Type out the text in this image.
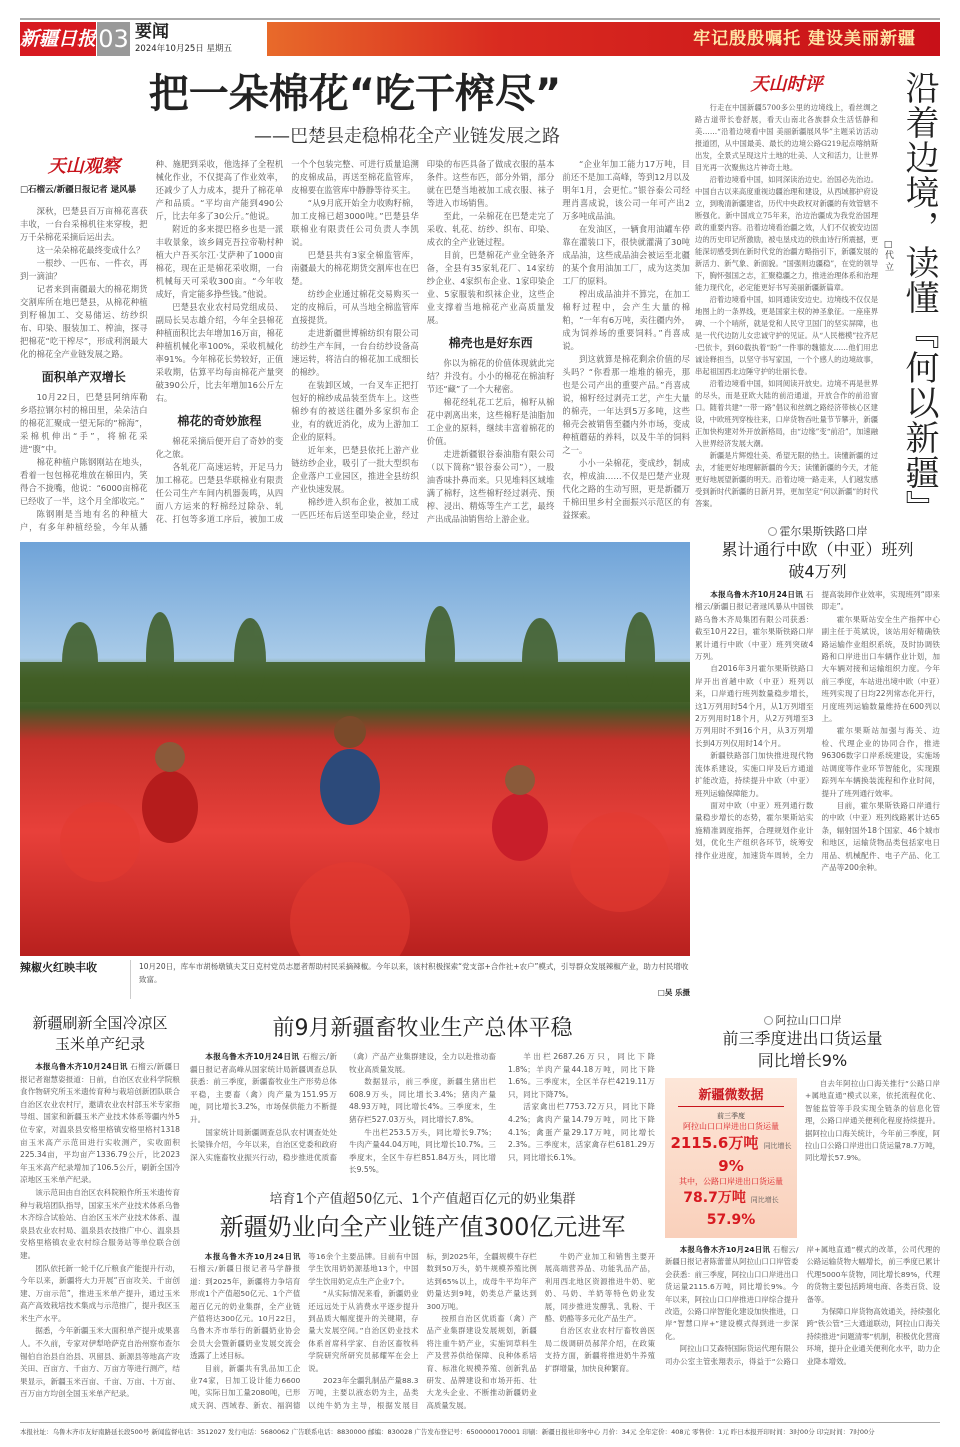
新疆日报 03 要闻
2024年10月25日 星期五	牢记殷殷嘱托 建设美丽新疆
把一朵棉花“吃干榨尽”
——巴楚县走稳棉花全产业链发展之路
天山观察
□石榴云/新疆日报记者 逯风暴

深秋，巴楚县百万亩棉花喜获丰收，一台台采棉机往来穿梭，把万千朵棉花采摘后运出去。

这一朵朵棉花最终变成什么？

一根纱、一匹布、一件衣，再到一滴油？

记者来到南疆最大的棉花期货交割库所在地巴楚县，从棉花种植到籽棉加工、交易储运、纺纱织布、印染、服装加工、榨油，探寻把棉花“吃干榨尽”，形成利润最大化的棉花全产业链发展之路。

面积单产双增长

10月22日，巴楚县阿纳库勒乡塔拉钢尔村的棉田里，朵朵洁白的棉花汇聚成一望无际的“棉海”，采棉机伸出“手”，将棉花采进“腹”中。

棉花种植户陈钢刚站在地头，看着一包包棉花堆放在棉田内，笑得合不拢嘴，他说：“6000亩棉花已经收了一半，这个月全部收完。”

陈钢刚是当地有名的种植大户，有多年种植经验，今年从播种、施肥到采收，他选择了全程机械化作业，不仅提高了作业效率，还减少了人力成本，提升了棉花单产和品质。“平均亩产能到490公斤，比去年多了30公斤。”他说。

附近的多来提巴格乡也是一派丰收景象，该乡阔克吾拉帝勒村种植大户吾买尔江·艾萨种了1000亩棉花，现在正是棉花采收期，一台机械每天可采收300亩。“今年收成好，肯定能多挣些钱。”他说。

巴楚县农业农村局党组成员、副局长吴志雄介绍，今年全县棉花种植面积比去年增加16万亩，棉花种植机械化率100%，采收机械化率91%。今年棉花长势较好，正值采收期，估算平均每亩棉花产量突破390公斤，比去年增加16公斤左右。

棉花的奇妙旅程

棉花采摘后便开启了奇妙的变化之旅。

各轧花厂高速运转，开足马力加工棉花。巴楚县华联棉业有限责任公司生产车间内机器轰鸣，从四面八方运来的籽棉经过除杂、轧花、打包等多道工序后，被加工成一个个包装完整、可进行质量追溯的皮棉成品，再送至棉花监管库，皮棉要在监管库中静静等待买主。

“从9月底开始全力收购籽棉，加工皮棉已超3000吨。”巴楚县华联棉业有限责任公司负责人李凯说。

巴楚县共有3家全棉监管库，南疆最大的棉花期货交割库也在巴楚。

纺纱企业通过棉花交易购买一定的皮棉后，可从当地全棉监管库直接提货。

走进新疆世博棉纺织有限公司纺纱生产车间，一台台纺纱设备高速运转，将洁白的棉花加工成细长的棉纱。

在装卸区域，一台叉车正把打包好的棉纱成品装至货车上。这些棉纱有的被送往疆外多家织布企业，有的就近消化，成为上游加工企业的原料。

近年来，巴楚县依托上游产业链纺纱企业，吸引了一批大型织布企业落户工业园区，推进全县纺织产业快速发展。

棉纱进入织布企业，被加工成一匹匹坯布后送至印染企业，经过印染的布匹具备了做成衣服的基本条件。这些布匹，部分外销，部分就在巴楚当地被加工成衣服、袜子等进入市场销售。

至此，一朵棉花在巴楚走完了采收、轧花、纺纱、织布、印染、成衣的全产业链过程。

目前，巴楚棉花产业全链条齐备，全县有35家轧花厂、14家纺纱企业、4家织布企业、1家印染企业、5家服装和织袜企业，这些企业支撑着当地棉花产业高质量发展。

棉壳也是好东西

你以为棉花的价值体现就此完结？并没有。小小的棉花在棉油籽节还“藏”了一个大秘密。

棉花经轧花工艺后，棉籽从棉花中剥离出来，这些棉籽是油脂加工企业的原料，继续丰富着棉花的价值。

走进新疆银谷泰油脂有限公司（以下简称“银谷泰公司”），一股油香味扑鼻而来。只见堆料区域堆满了棉籽，这些棉籽经过剥壳、预榨、浸出、精炼等生产工艺，最终产出成品油销售给上游企业。

“企业年加工能力17万吨，目前还不是加工高峰，等到12月以及明年1月，会更忙。”银谷泰公司经理肖喜成说，该公司一年可产出2万多吨成品油。

在发油区，一辆食用油罐车停靠在灌装口下，很快就灌满了30吨成品油，这些成品油会被运至北疆的某个食用油加工厂，成为这类加工厂的原料。

榨出成品油并不算完，在加工棉籽过程中，会产生大量的棉粕，“一年有6万吨，卖往疆内外，成为饲养场的重要饲料。”肖喜成说。

到这就算是棉花剩余价值的尽头吗？“你看那一堆堆的棉壳，那也是公司产出的重要产品。”肖喜成说，棉籽经过剥壳工艺，产生大量的棉壳，一年达到5万多吨，这些棉壳会被销售至疆内外市场，变成种植蘑菇的养料，以及牛羊的饲料之一。

小小一朵棉花，变成纱，制成衣，榨成油……不仅是巴楚产业现代化之路的生动写照，更是新疆万千棉田里乡村全面振兴示范区的有益探索。

辣椒火红映丰收	10月20日，库车市胡杨墩镇夫艾日克村党员志愿者帮助村民采摘辣椒。今年以来，该村积极探索“党支部+合作社+农户”模式，引导群众发展辣椒产业，助力村民增收致富。
□吴 乐摄
天山时评

行走在中国新疆5700多公里的边境线上，看丝绸之路古道带长卷舒展，看天山南北各族群众生活恬静和美……“沿着边境看中国 美丽新疆展风华”主题采访活动报道团，从中国最美、最长的边境公路G219起点喀纳斯出发，全景式呈现这片土地的壮美、人文和活力，让世界目光再一次聚焦这片神奇土地。

沿着边境看中国，如同深读治边史。治国必先治边。中国自古以来高度重视边疆治理和建设，从西域都护府设立，到晚清新疆建省，历代中央政权对新疆的有效管辖不断强化。新中国成立75年来，治边治疆成为我党治国理政的重要内容。沿着边境看治疆之效，人们不仅被安边固边的历史印记所激励，被屯垦戍边的铁血诗行所震撼，更能深切感受到在新时代党的治疆方略指引下，新疆发展的新活力、新气象、新面貌。“国强则边疆稳”，在党的领导下，胸怀强国之志，汇聚稳疆之力，推进治理体系和治理能力现代化，必定能更好书写美丽新疆新篇章。

沿着边境看中国，如同通读安边史。边境线不仅仅是地图上的一条界线，更是国家主权的神圣象征。一座座界碑、一个个哨所，就是党和人民守卫国门的坚实屏障，也是一代代边防儿女忠诚守护的见证。从“人民楷模”拉齐尼·巴依卡，到60载执着“盼”一件事的魏德友……他们用忠诚诠释担当，以坚守书写家国，一个个感人的边境故事，串起祖国西北边陲守护的壮丽长卷。

沿着边境看中国，如同阅读开放史。边境不再是世界的尽头，而是亚欧大陆的前沿通道，开放合作的前沿窗口。随着共建“一带一路”倡议和丝绸之路经济带核心区建设，中欧班列穿梭往来，口岸货物吞吐量节节攀升，新疆正加快构建对外开放新格局，由“边缘”变“前沿”，加速融入世界经济发展大潮。

新疆是片辉煌壮美、希望无限的热土。读懂新疆的过去，才能更好地理解新疆的今天；读懂新疆的今天，才能更好地展望新疆的明天。沿着边境一路走来，人们越发感受到新时代新疆的日新月异，更加坚定“何以新疆”的时代答案。

□代 立 沿着边境，读懂『何以新疆』
霍尔果斯铁路口岸
累计通行中欧（中亚）班列
破4万列

本报乌鲁木齐10月24日讯 石榴云/新疆日报记者逯风暴从中国铁路乌鲁木齐局集团有限公司获悉：截至10月22日，霍尔果斯铁路口岸累计通行中欧（中亚）班列突破4万列。

自2016年3月霍尔果斯铁路口岸开出首趟中欧（中亚）班列以来，口岸通行班列数量稳步增长，这1万列用时54个月，从1万列增至2万列用时18个月，从2万列增至3万列用时不到16个月，从3万列增长到4万列仅用时14个月。

新疆铁路部门加快推进现代物流体系建设，实施口岸及后方通道扩能改造，持续提升中欧（中亚）班列运输保障能力。

面对中欧（中亚）班列通行数量稳步增长的态势，霍尔果斯站实施精准调度指挥，合理规划作业计划，优化生产组织各环节，统筹安排作业进度，加速货车周转，全力提高装卸作业效率，实现班列“即来即走”。

霍尔果斯站安全生产指挥中心副主任于英斌说，该站用好精确铁路运输作业组织系统，及时协调铁路和口岸进出口车辆作业计划，加大车辆对接和运输组织力度。今年前三季度，车站进出境中欧（中亚）班列实现了日均22列常态化开行，月度班列运输数量维持在600列以上。

霍尔果斯站加强与海关、边检、代理企业的协同合作，推进96306数字口岸系统建设，实施场站调度等作业环节智能化，实现跟踪列车车辆换装流程和作业时间，提升了班列通行效率。

目前，霍尔果斯铁路口岸通行的中欧（中亚）班列线路累计达65条，辐射国外18个国家、46个城市和地区，运输货物品类包括家电日用品、机械配件、电子产品、化工产品等200余种。

新疆刷新全国冷凉区
玉米单产纪录

本报乌鲁木齐10月24日讯 石榴云/新疆日报记者谢慧姿报道：日前，自治区农业科学院粮食作物研究所玉米遗传育种与栽培创新团队联合自治区农业农村厅，邀请农业农村部玉米专家指导组、国家和新疆玉米产业技术体系等疆内外5位专家，对温泉县安格里格镇安格里格村1318亩玉米高产示范田进行实收测产，实收面积225.34亩，平均亩产1336.79公斤，比2023年玉米高产纪录增加了106.5公斤，刷新全国冷凉地区玉米单产纪录。

该示范田由自治区农科院粮作所玉米遗传育种与栽培团队指导，国家玉米产业技术体系乌鲁木齐综合试验站、自治区玉米产业技术体系、温泉县农业农村局、温泉县农技推广中心、温泉县安格里格镇农业农村综合服务站等单位联合创建。

团队依托新一轮千亿斤粮食产能提升行动，今年以来，新疆将大力开展“百亩攻关、千亩创建、万亩示范”，推进玉米单产提升，通过玉米高产高效栽培技术集成与示范推广，提升我区玉米生产水平。

据悉，今年新疆玉米大面积单产提升成果喜人。不久前，专家对伊犁哈萨克自治州察布查尔锡伯自治县自治县、巩留县、新源县等地高产攻关田、百亩方、千亩方、万亩方等进行测产，结果显示，新疆玉米百亩、千亩、万亩、十万亩、百万亩方均创全国玉米单产纪录。

前9月新疆畜牧业生产总体平稳

本报乌鲁木齐10月24日讯 石榴云/新疆日报记者高峰从国家统计局新疆调查总队获悉：前三季度，新疆畜牧业生产形势总体平稳，主要畜（禽）肉产量为151.95万吨，同比增长3.2%，市场保供能力不断提升。

国家统计局新疆调查总队农村调查处处长梁锋介绍，今年以来，自治区党委和政府深入实施畜牧业振兴行动，稳步推进优质畜（禽）产品产业集群建设，全力以赴推动畜牧业高质量发展。

数据显示，前三季度，新疆生猪出栏608.9万头，同比增长3.4%；猪肉产量48.93万吨，同比增长4%。三季度末，生猪存栏527.03万头，同比增长7.8%。

牛出栏253.5万头，同比增长9.7%；牛肉产量44.04万吨，同比增长10.7%。三季度末，全区牛存栏851.84万头，同比增长9.5%。

羊出栏2687.26万只，同比下降1.8%；羊肉产量44.18万吨，同比下降1.6%。三季度末，全区羊存栏4219.11万只，同比下降7%。

活家禽出栏7753.72万只，同比下降4.2%；禽肉产量14.79万吨，同比下降4.1%；禽蛋产量29.17万吨，同比增长2.3%。三季度末，活家禽存栏6181.29万只，同比增长6.1%。

培育1个产值超50亿元、1个产值超百亿元的奶业集群
新疆奶业向全产业链产值300亿元进军

本报乌鲁木齐10月24日讯 石榴云/新疆日报记者马学静报道：到2025年，新疆将力争培育形成1个产值超50亿元、1个产值超百亿元的奶业集群，全产业链产值将达300亿元。10月22日，乌鲁木齐市举行的新疆奶业协会会员大会暨新疆奶业发展交流会透露了上述目标。

目前，新疆共有乳品加工企业74家，日加工设计能力6600吨，实际日加工量2080吨，已形成天润、西域春、新农、福润德等16余个主要品牌。目前有中国学生饮用奶奶源基地13个，中国学生饮用奶定点生产企业7个。

“从实际情况来看，新疆奶业还远远处于从消费水平逐步提升到品质大幅度提升的关键期，存量大发展空间。”自治区奶业技术体系首席科学家、自治区畜牧科学院研究所研究员郝耀军在会上说。

2023年全疆乳制品产量88.3万吨，主要以液态奶为主，品类以纯牛奶为主导，根据发展目标，到2025年，全疆规模牛存栏数到50万头，奶牛规模养殖比例达到65%以上，成母牛平均年产奶量达到9吨，奶类总产量达到300万吨。

按照自治区优质畜（禽）产品产业集群建设发展规划，新疆将注重牛奶产业，实施饲草料生产及营养供给保障、良种体系培育、标准化规模养殖、创新乳品研发、品牌建设和市场开拓、壮大龙头企业、不断推动新疆奶业高质量发展。

牛奶产业加工和销售主要开展高端营养品、功能乳品产品，利用西北地区资源推进牛奶、驼奶、马奶、羊奶等特色奶业发展，同步推进发酵乳、乳粉、干酪、奶酪等多元化产品生产。

自治区农业农村厅畜牧兽医局二级调研员郝萍介绍，在政策支持方面，新疆将推进奶牛养殖扩群增量，加快良种繁育。

阿拉山口口岸
前三季度进出口货运量
同比增长9%
新疆微数据
前三季度
阿拉山口口岸进出口货运量
2115.6万吨 同比增长9%
其中，公路口岸进出口货运量
78.7万吨 同比增长57.9%

自去年阿拉山口海关推行“公路口岸+属地直通”模式以来，依托流程优化、智能监管等手段实现全链条的信息化管理，公路口岸通关便利化程度持续提升。据阿拉山口海关统计，今年前三季度，阿拉山口公路口岸进出口货运量78.7万吨，同比增长57.9%。

本报乌鲁木齐10月24日讯 石榴云/新疆日报记者陈蕾蕾从阿拉山口口岸管委会获悉：前三季度，阿拉山口口岸进出口货运量2115.6万吨，同比增长9%。今年以来，阿拉山口口岸推进口岸综合提升改造，公路口岸智能化建设加快推进，口岸“智慧口岸+”建设模式得到进一步深化。

阿拉山口艾森特国际货运代理有限公司办公室主管张翔表示，得益于“公路口岸+属地直通”模式的改革，公司代理的公路运输货物大幅增长，前三季度已累计代理5000车货物，同比增长89%，代理的货物主要包括跨境电商、各类百货、设备等。

为保障口岸货物高效通关，持续强化跨“铁公管”三大通道联动，阿拉山口海关持续推进“问题清零”机制，积极优化营商环境，提升企业通关便利化水平，助力企业降本增效。

本报社址：乌鲁木齐市友好南路延长段500号 新闻监督电话：3512027 发行电话：5680062 广告联系电话：8830000 邮编：830028 广告发布登记号：6500000170001 印刷：新疆日报社印务中心 月价：34元 全年定价：408元 零售价：1元 昨日本报开印时间：3时00分 印完时间：7时00分
